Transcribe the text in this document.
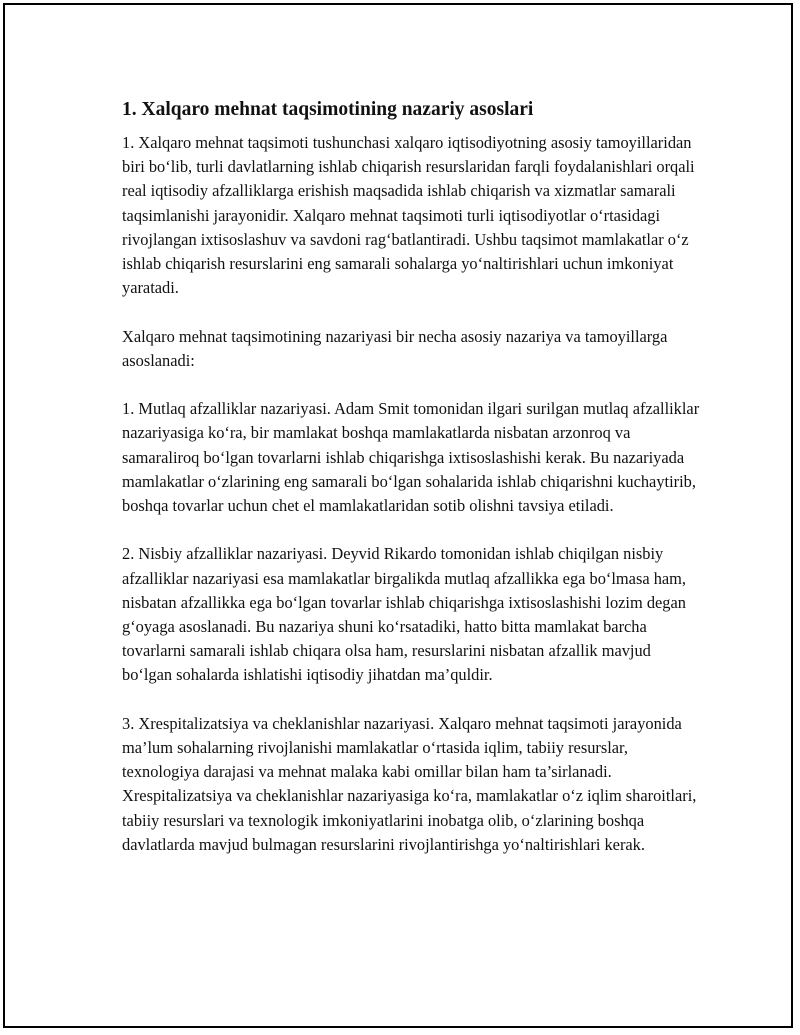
1. Xalqaro mehnat taqsimotining nazariy asoslari

1. Xalqaro mehnat taqsimoti tushunchasi xalqaro iqtisodiyotning asosiy tamoyillaridan biri bo‘lib, turli davlatlarning ishlab chiqarish resurslaridan farqli foydalanishlari orqali real iqtisodiy afzalliklarga erishish maqsadida ishlab chiqarish va xizmatlar samarali taqsimlanishi jarayonidir. Xalqaro mehnat taqsimoti turli iqtisodiyotlar o‘rtasidagi rivojlangan ixtisoslashuv va savdoni rag‘batlantiradi. Ushbu taqsimot mamlakatlar o‘z ishlab chiqarish resurslarini eng samarali sohalarga yo‘naltirishlari uchun imkoniyat yaratadi.

Xalqaro mehnat taqsimotining nazariyasi bir necha asosiy nazariya va tamoyillarga asoslanadi:

1. Mutlaq afzalliklar nazariyasi. Adam Smit tomonidan ilgari surilgan mutlaq afzalliklar nazariyasiga ko‘ra, bir mamlakat boshqa mamlakatlarda nisbatan arzonroq va samaraliroq bo‘lgan tovarlarni ishlab chiqarishga ixtisoslashishi kerak. Bu nazariyada mamlakatlar o‘zlarining eng samarali bo‘lgan sohalarida ishlab chiqarishni kuchaytirib, boshqa tovarlar uchun chet el mamlakatlaridan sotib olishni tavsiya etiladi.

2. Nisbiy afzalliklar nazariyasi. Deyvid Rikardo tomonidan ishlab chiqilgan nisbiy afzalliklar nazariyasi esa mamlakatlar birgalikda mutlaq afzallikka ega bo‘lmasa ham, nisbatan afzallikka ega bo‘lgan tovarlar ishlab chiqarishga ixtisoslashishi lozim degan g‘oyaga asoslanadi. Bu nazariya shuni ko‘rsatadiki, hatto bitta mamlakat barcha tovarlarni samarali ishlab chiqara olsa ham, resurslarini nisbatan afzallik mavjud bo‘lgan sohalarda ishlatishi iqtisodiy jihatdan ma’quldir.

3. Xrespitalizatsiya va cheklanishlar nazariyasi. Xalqaro mehnat taqsimoti jarayonida ma’lum sohalarning rivojlanishi mamlakatlar o‘rtasida iqlim, tabiiy resurslar, texnologiya darajasi va mehnat malaka kabi omillar bilan ham ta’sirlanadi. Xrespitalizatsiya va cheklanishlar nazariyasiga ko‘ra, mamlakatlar o‘z iqlim sharoitlari, tabiiy resurslari va texnologik imkoniyatlarini inobatga olib, o‘zlarining boshqa davlatlarda mavjud bulmagan resurslarini rivojlantirishga yo‘naltirishlari kerak.
